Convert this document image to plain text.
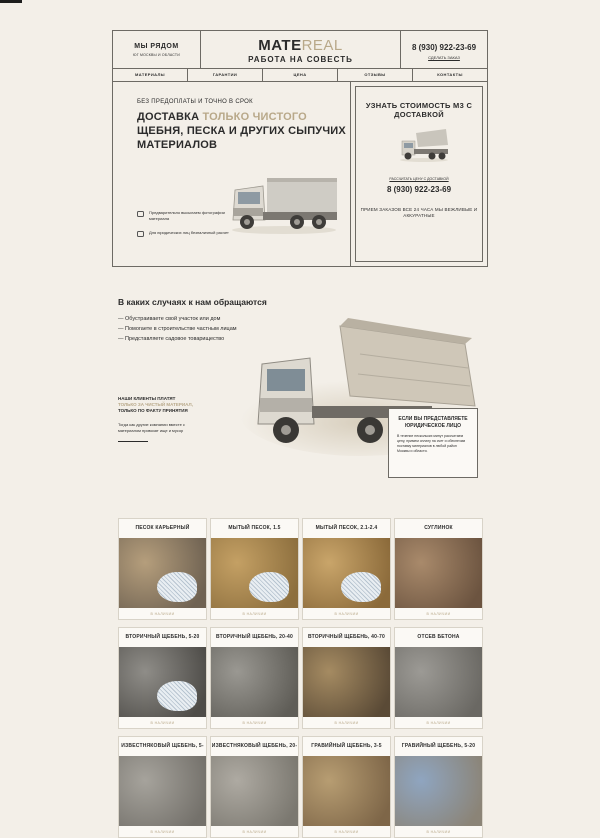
МЫ РЯДОМ
ЮГ МОСКВЫ И ОБЛАСТИ
MATEREAL
РАБОТА НА СОВЕСТЬ
8 (930) 922-23-69
СДЕЛАТЬ ЗАКАЗ
МАТЕРИАЛЫ	ГАРАНТИИ	ЦЕНА	ОТЗЫВЫ	КОНТАКТЫ
БЕЗ ПРЕДОПЛАТЫ И ТОЧНО В СРОК
ДОСТАВКА ТОЛЬКО ЧИСТОГО ЩЕБНЯ, ПЕСКА И ДРУГИХ СЫПУЧИХ МАТЕРИАЛОВ
Предварительно высылаем фотографии материала
Для юридических лиц безналичный расчет
УЗНАТЬ СТОИМОСТЬ М3 С ДОСТАВКОЙ
РАССЧИТАТЬ ЦЕНУ С ДОСТАВКОЙ
8 (930) 922-23-69
ПРИЕМ ЗАКАЗОВ ВСЕ 24 ЧАСА МЫ ВЕЖЛИВЫЕ И АККУРАТНЫЕ
В каких случаях к нам обращаются
— Обустраиваете свой участок или дом
— Помогаете в строительстве частным лицам
— Представляете садовое товарищество
НАШИ КЛИЕНТЫ ПЛАТЯТ
ТОЛЬКО ЗА ЧИСТЫЙ МАТЕРИАЛ,
ТОЛЬКО ПО ФАКТУ ПРИНЯТИЯ
Тогда как другие компании вместе с материалом привозят ище и мусор
ЕСЛИ ВЫ ПРЕДСТАВЛЯЕТЕ ЮРИДИЧЕСКОЕ ЛИЦО
В течение нескольких минут рассчитаем цену, примем оплату на счет и обеспечим поставку материалов в любой район Москвы и области.
ПЕСОК КАРЬЕРНЫЙ
В НАЛИЧИИ
МЫТЫЙ ПЕСОК, 1.5
В НАЛИЧИИ
МЫТЫЙ ПЕСОК, 2.1-2.4
В НАЛИЧИИ
СУГЛИНОК
В НАЛИЧИИ
ВТОРИЧНЫЙ ЩЕБЕНЬ, 5-20
В НАЛИЧИИ
ВТОРИЧНЫЙ ЩЕБЕНЬ, 20-40
В НАЛИЧИИ
ВТОРИЧНЫЙ ЩЕБЕНЬ, 40-70
В НАЛИЧИИ
ОТСЕВ БЕТОНА
В НАЛИЧИИ
ИЗВЕСТНЯКОВЫЙ ЩЕБЕНЬ, 5-
В НАЛИЧИИ
ИЗВЕСТНЯКОВЫЙ ЩЕБЕНЬ, 20-
В НАЛИЧИИ
ГРАВИЙНЫЙ ЩЕБЕНЬ, 3-5
В НАЛИЧИИ
ГРАВИЙНЫЙ ЩЕБЕНЬ, 5-20
В НАЛИЧИИ
